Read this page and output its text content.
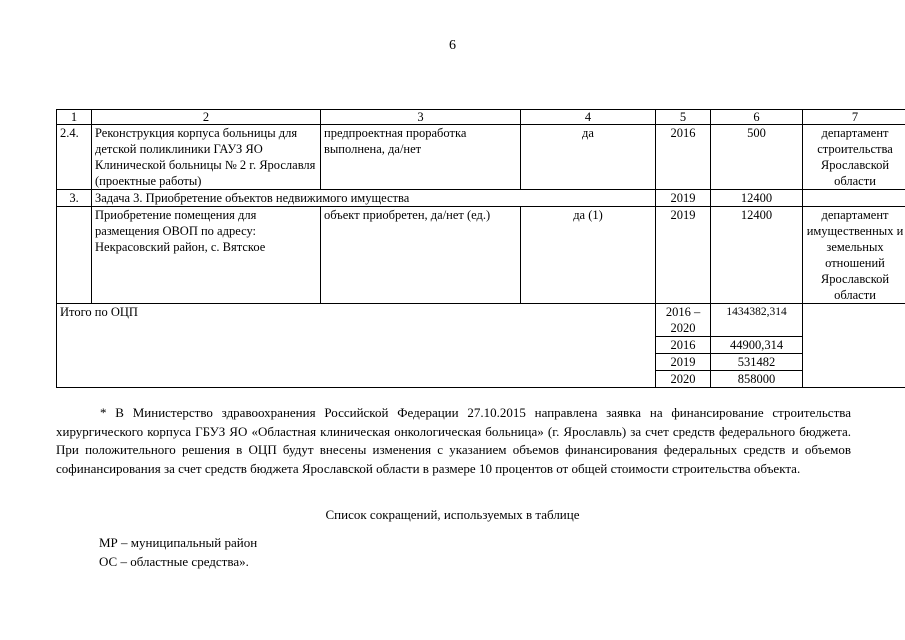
6
1	2	3	4	5	6	7
2.4.	Реконструкция корпуса больницы для детской поликлиники ГАУЗ ЯО Клинической больницы № 2 г. Ярославля (проектные работы)	предпроектная проработка выполнена, да/нет	да	2016	500	департамент строительства Ярославской области
3.	Задача 3. Приобретение объектов недвижимого имущества			2019	12400	
	Приобретение помещения для размещения ОВОП по адресу: Некрасовский район, с. Вятское	объект приобретен, да/нет (ед.)	да (1)	2019	12400	департамент имущественных и земельных отношений Ярославской области
Итого по ОЦП				2016 – 2020	1434382,314	
				2016	44900,314	
				2019	531482	
				2020	858000	

* В Министерство здравоохранения Российской Федерации 27.10.2015 направлена заявка на финансирование строительства хирургического корпуса ГБУЗ ЯО «Областная клиническая онкологическая больница» (г. Ярославль) за счет средств федерального бюджета. При положительного решения в ОЦП будут внесены изменения с указанием объемов финансирования федеральных средств и объемов софинансирования за счет средств бюджета Ярославской области в размере 10 процентов от общей стоимости строительства объекта.

Список сокращений, используемых в таблице
МР – муниципальный район
ОС – областные средства».
